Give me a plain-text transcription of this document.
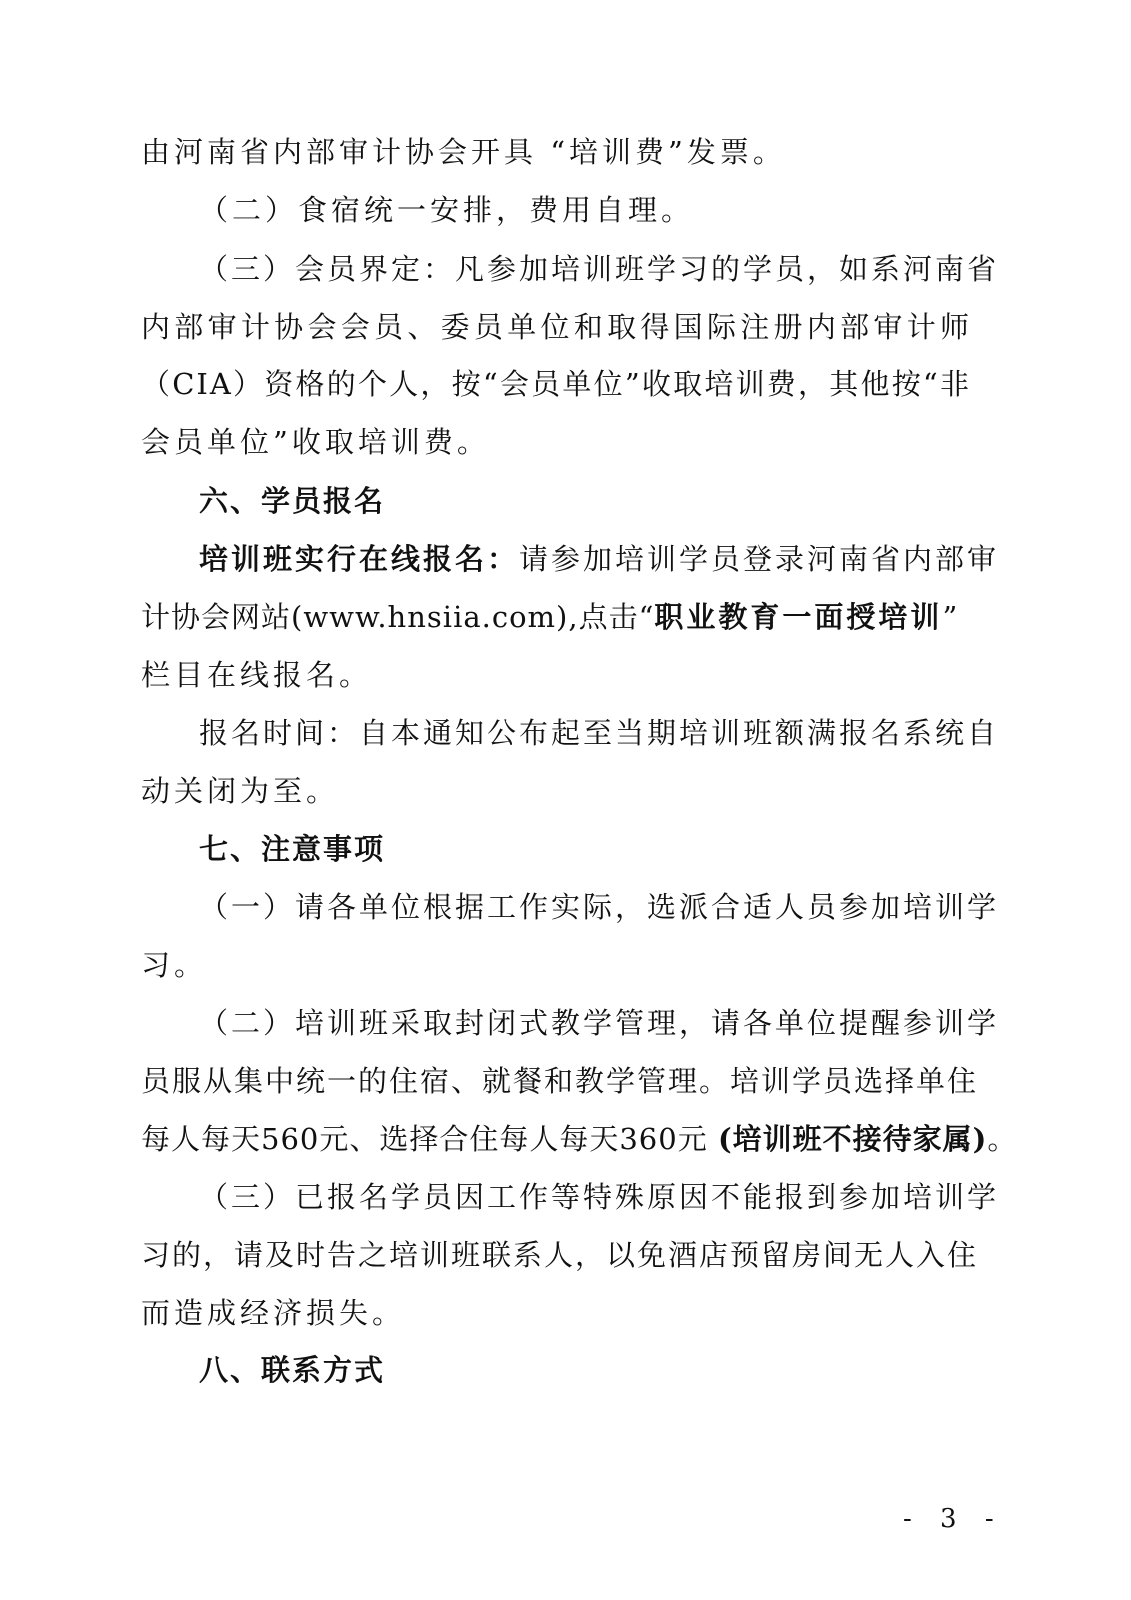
由河南省内部审计协会开具 “培训费”发票。
（二）食宿统一安排，费用自理。
（三）会员界定：凡参加培训班学习的学员，如系河南省
内部审计协会会员、委员单位和取得国际注册内部审计师
（CIA）资格的个人，按“会员单位”收取培训费，其他按“非
会员单位”收取培训费。
六、学员报名
培训班实行在线报名：请参加培训学员登录河南省内部审
计协会网站(www.hnsiia.com),点击“职业教育一面授培训”
栏目在线报名。
报名时间：自本通知公布起至当期培训班额满报名系统自
动关闭为至。
七、注意事项
（一）请各单位根据工作实际，选派合适人员参加培训学
习。
（二）培训班采取封闭式教学管理，请各单位提醒参训学
员服从集中统一的住宿、就餐和教学管理。培训学员选择单住
每人每天560元、选择合住每人每天360元 (培训班不接待家属)。
（三）已报名学员因工作等特殊原因不能报到参加培训学
习的，请及时告之培训班联系人，以免酒店预留房间无人入住
而造成经济损失。
八、联系方式
- 3 -
